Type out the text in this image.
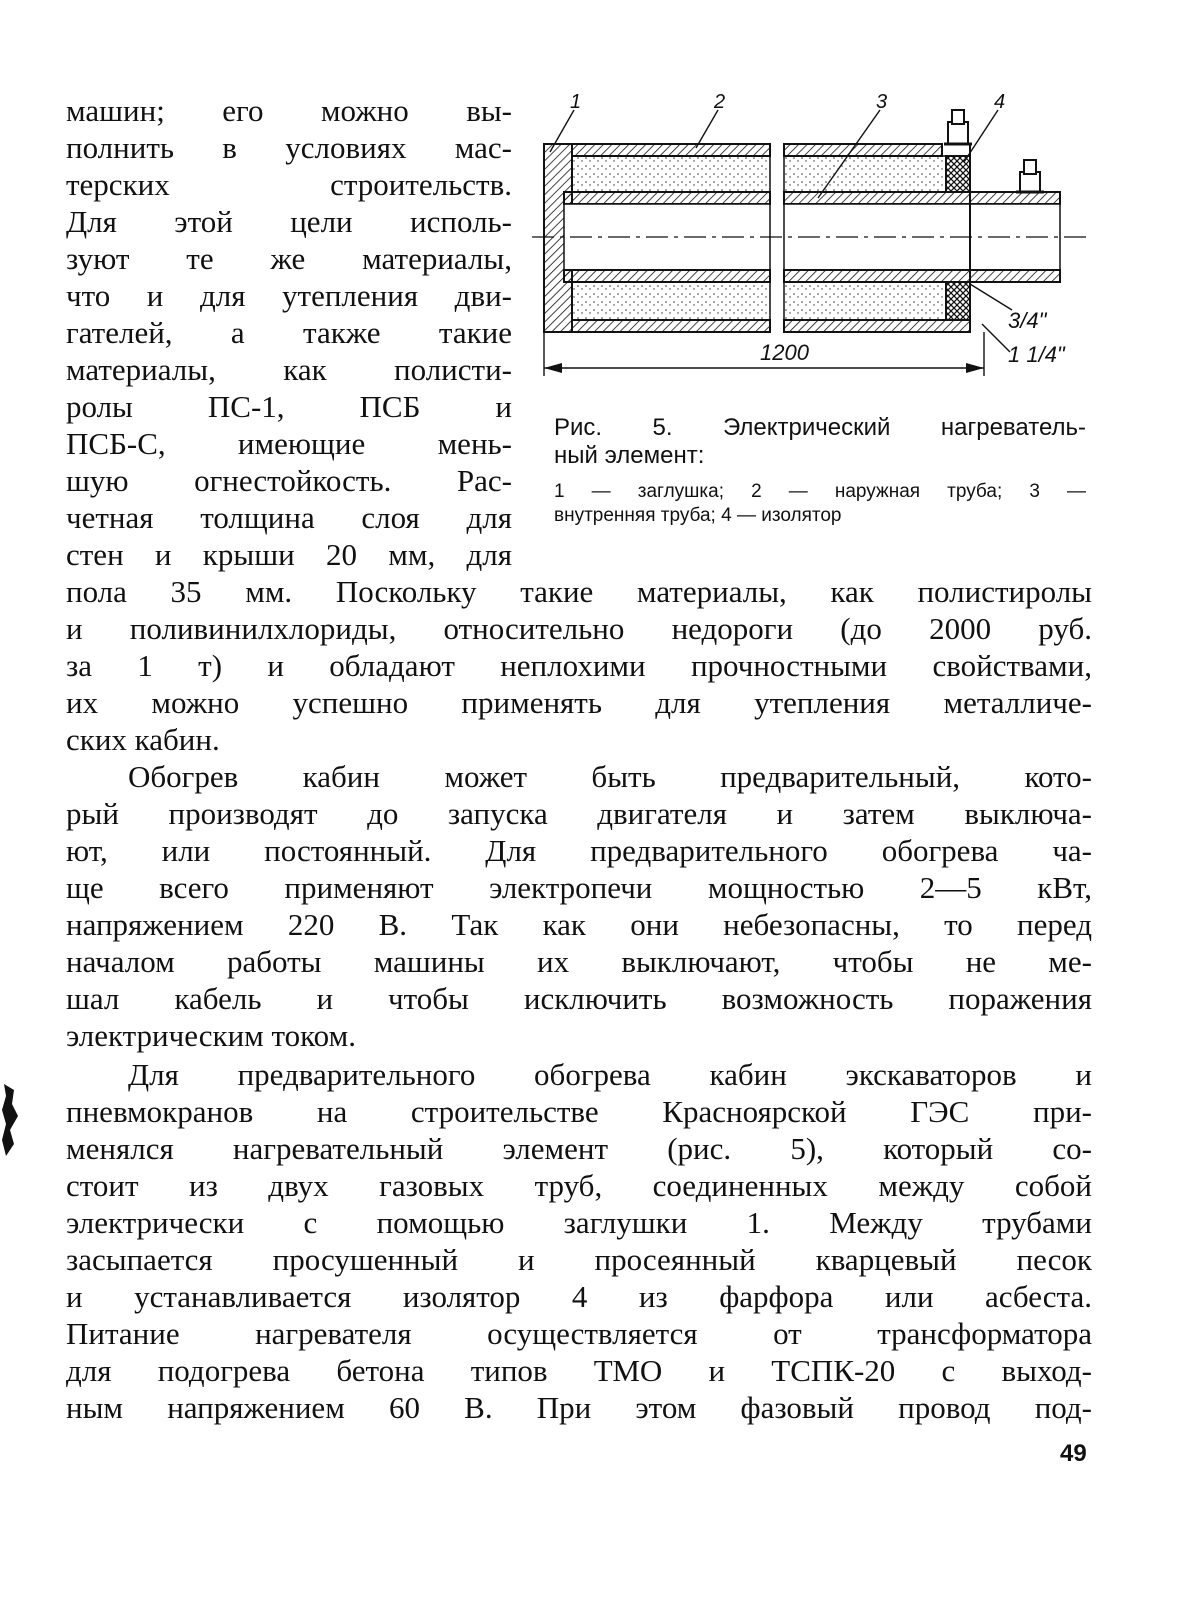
машин; его можно вы-

полнить в условиях мас-

терских строительств.

Для этой цели исполь-

зуют те же материалы,

что и для утепления дви-

гателей, а также такие

материалы, как полисти-

ролы ПС-1, ПСБ и

ПСБ-С, имеющие мень-

шую огнестойкость. Рас-

четная толщина слоя для

стен и крыши 20 мм, для

пола 35 мм. Поскольку такие материалы, как полистиролы

и поливинилхлориды, относительно недороги (до 2000 руб.

за 1 т) и обладают неплохими прочностными свойствами,

их можно успешно применять для утепления металличе-

ских кабин.

Обогрев кабин может быть предварительный, кото-

рый производят до запуска двигателя и затем выключа-

ют, или постоянный. Для предварительного обогрева ча-

ще всего применяют электропечи мощностью 2—5 кВт,

напряжением 220 В. Так как они небезопасны, то перед

началом работы машины их выключают, чтобы не ме-

шал кабель и чтобы исключить возможность поражения

электрическим током.

Для предварительного обогрева кабин экскаваторов и

пневмокранов на строительстве Красноярской ГЭС при-

менялся нагревательный элемент (рис. 5), который со-

стоит из двух газовых труб, соединенных между собой

электрически с помощью заглушки 1. Между трубами

засыпается просушенный и просеянный кварцевый песок

и устанавливается изолятор 4 из фарфора или асбеста.

Питание нагревателя осуществляется от трансформатора

для подогрева бетона типов ТМО и ТСПК-20 с выход-

ным напряжением 60 В. При этом фазовый провод под-

1	2	3	4
3/4"
1 1/4"
1200

Рис. 5. Электрический нагреватель-

ный элемент:

1 — заглушка; 2 — наружная труба; 3 —

внутренняя труба; 4 — изолятор

49
